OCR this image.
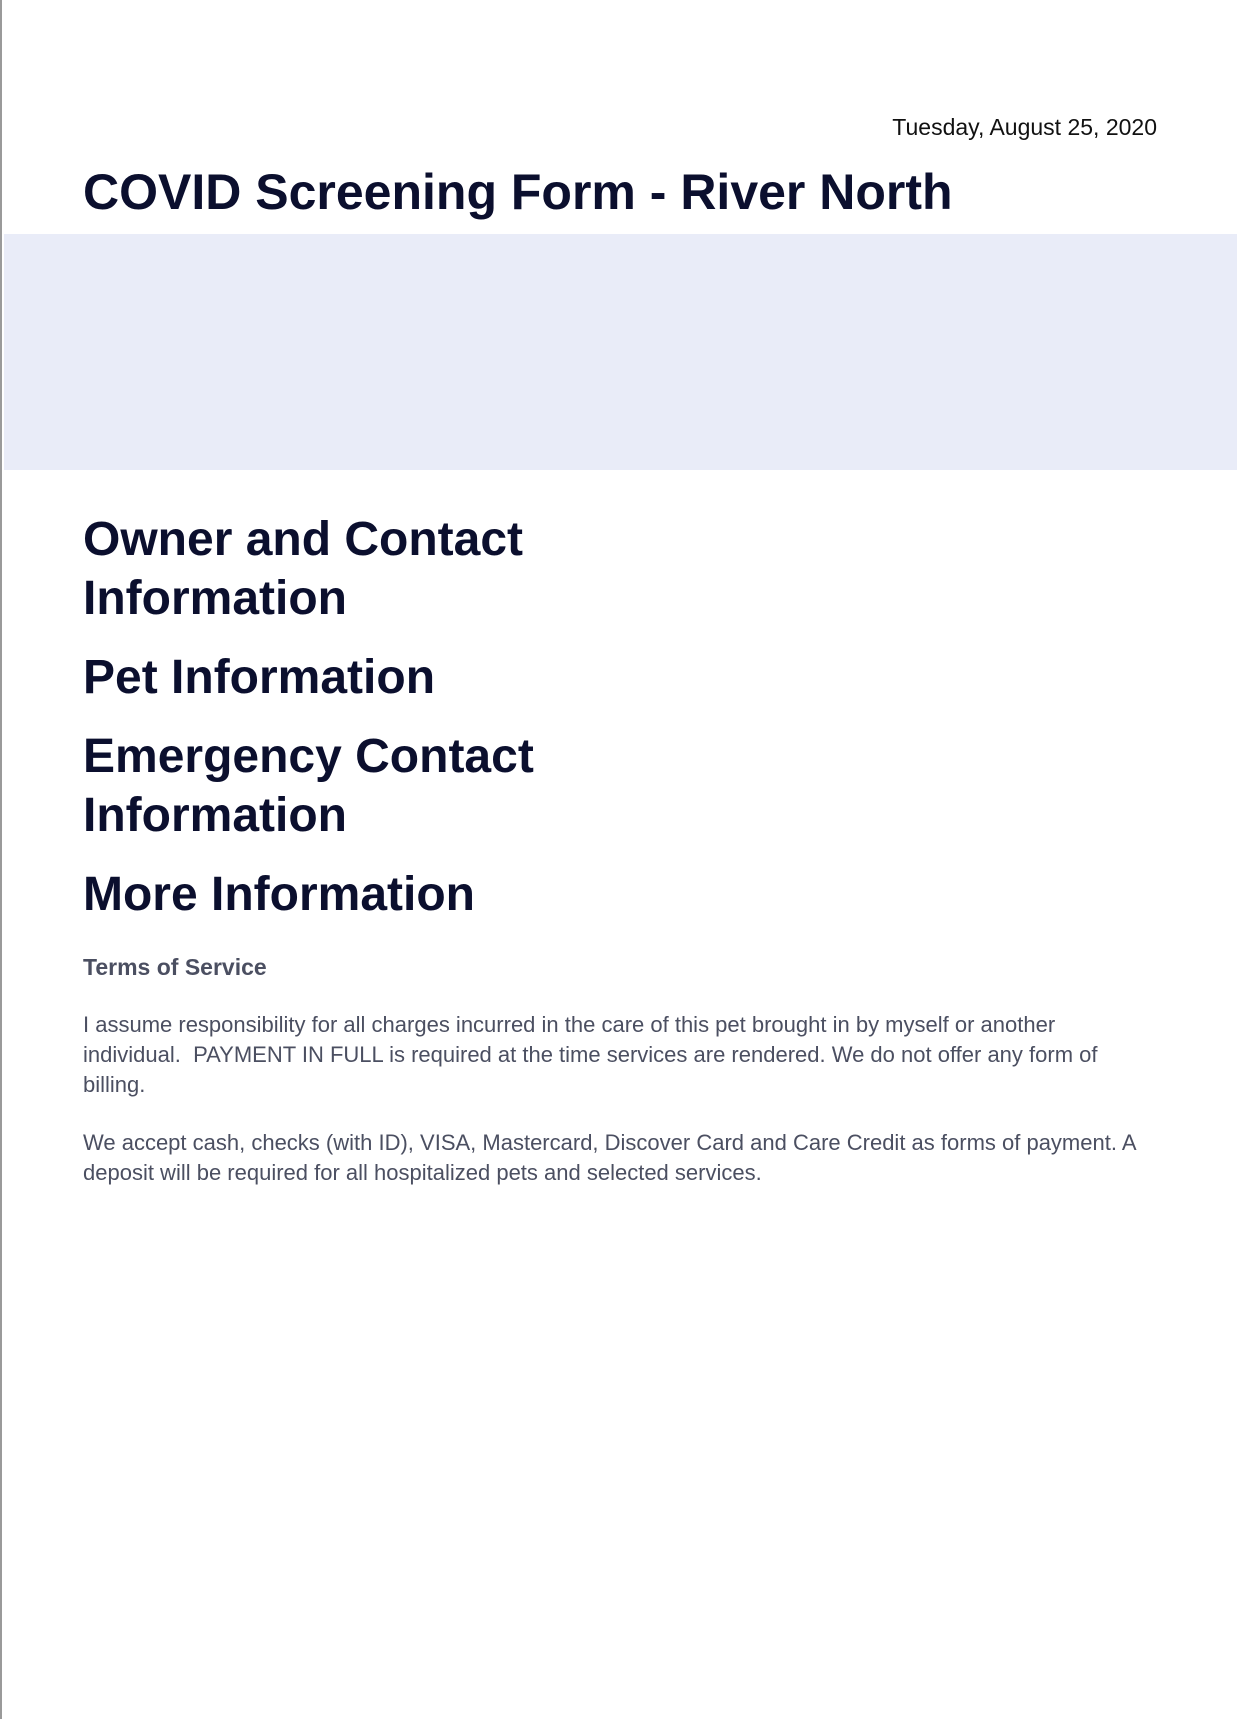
Tuesday, August 25, 2020
COVID Screening Form - River North
Owner and Contact Information
Pet Information
Emergency Contact Information
More Information
Terms of Service

I assume responsibility for all charges incurred in the care of this pet brought in by myself or another individual.  PAYMENT IN FULL is required at the time services are rendered. We do not offer any form of billing.

We accept cash, checks (with ID), VISA, Mastercard, Discover Card and Care Credit as forms of payment. A deposit will be required for all hospitalized pets and selected services.
